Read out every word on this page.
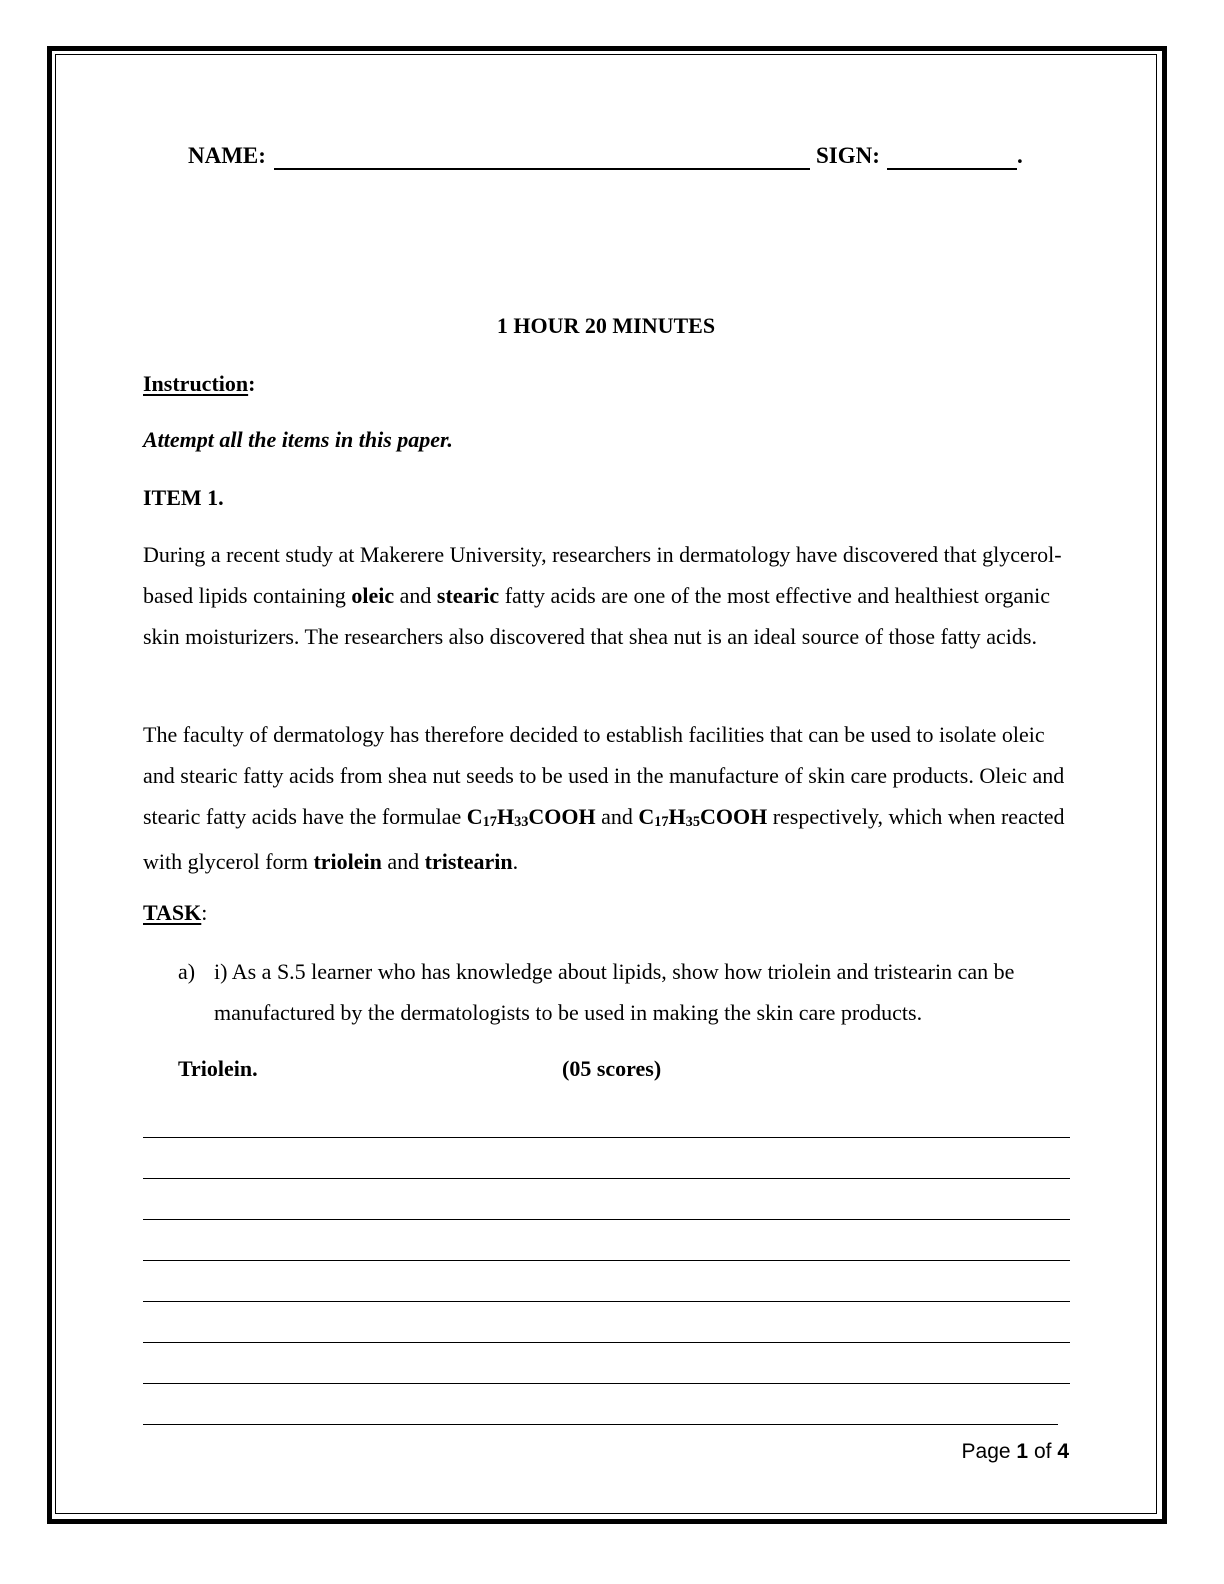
NAME:	SIGN:	.
1 HOUR 20 MINUTES
Instruction:
Attempt all the items in this paper.
ITEM 1.

During a recent study at Makerere University, researchers in dermatology have discovered that glycerol-based lipids containing oleic and stearic fatty acids are one of the most effective and healthiest organic skin moisturizers. The researchers also discovered that shea nut is an ideal source of those fatty acids.

The faculty of dermatology has therefore decided to establish facilities that can be used to isolate oleic and stearic fatty acids from shea nut seeds to be used in the manufacture of skin care products. Oleic and stearic fatty acids have the formulae $C_{17}H_{33}COOH$ and $C_{17}H_{35}COOH$ respectively, which when reacted with glycerol form triolein and tristearin.

TASK:
a) i) As a S.5 learner who has knowledge about lipids, show how triolein and tristearin can be manufactured by the dermatologists to be used in making the skin care products.

Triolein.	(05 scores)
Page 1 of 4
